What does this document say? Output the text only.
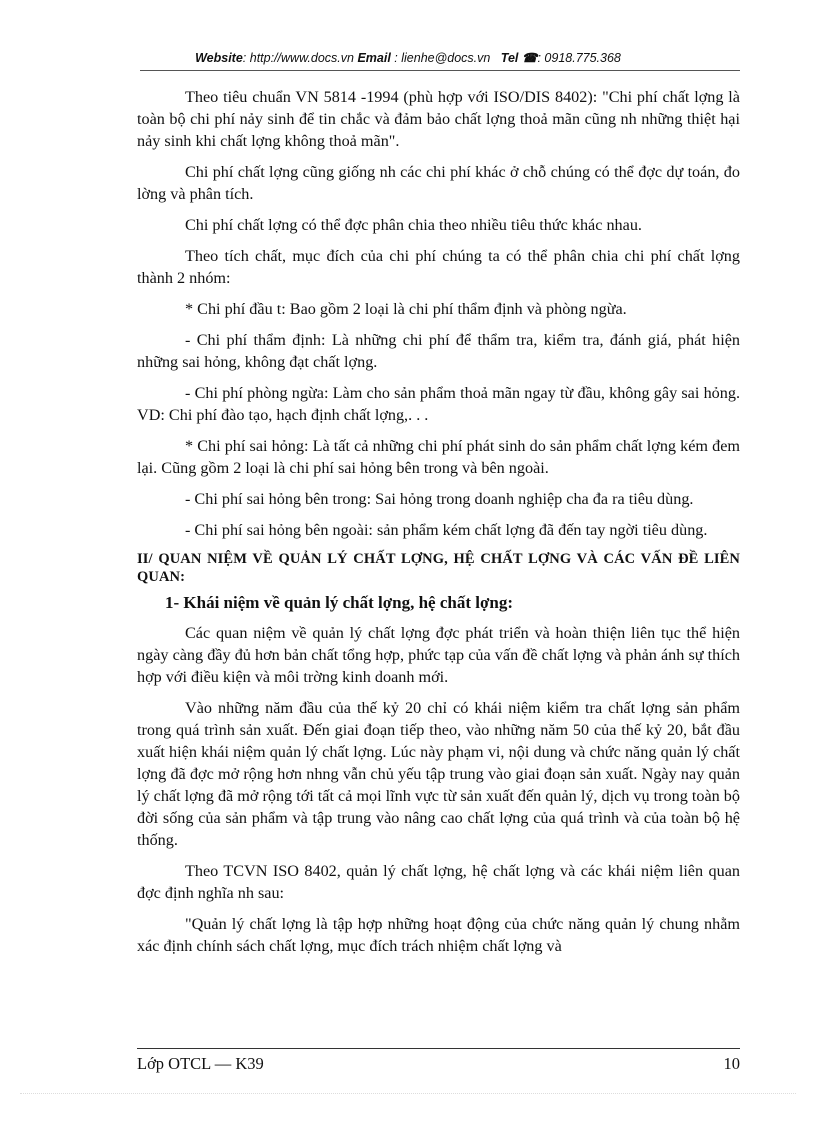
Website: http://www.docs.vn Email : lienhe@docs.vn Tel ☎: 0918.775.368

Theo tiêu chuẩn VN 5814 -1994 (phù hợp với ISO/DIS 8402): "Chi phí chất lợng là toàn bộ chi phí nảy sinh để tin chắc và đảm bảo chất lợng thoả mãn cũng nh những thiệt hại nảy sinh khi chất lợng không thoả mãn".

Chi phí chất lợng cũng giống nh các chi phí khác ở chỗ chúng có thể đợc dự toán, đo lờng và phân tích.

Chi phí chất lợng có thể đợc phân chia theo nhiều tiêu thức khác nhau.

Theo tích chất, mục đích của chi phí chúng ta có thể phân chia chi phí chất lợng thành 2 nhóm:

* Chi phí đầu t: Bao gồm 2 loại là chi phí thẩm định và phòng ngừa.

- Chi phí thẩm định: Là những chi phí để thẩm tra, kiểm tra, đánh giá, phát hiện những sai hỏng, không đạt chất lợng.

- Chi phí phòng ngừa: Làm cho sản phẩm thoả mãn ngay từ đầu, không gây sai hỏng. VD: Chi phí đào tạo, hạch định chất lợng,. . .

* Chi phí sai hỏng: Là tất cả những chi phí phát sinh do sản phẩm chất lợng kém đem lại. Cũng gồm 2 loại là chi phí sai hỏng bên trong và bên ngoài.

- Chi phí sai hỏng bên trong: Sai hỏng trong doanh nghiệp cha đa ra tiêu dùng.

- Chi phí sai hỏng bên ngoài: sản phẩm kém chất lợng đã đến tay ngời tiêu dùng.

II/ QUAN NIỆM VỀ QUẢN LÝ CHẤT LỢNG, HỆ CHẤT LỢNG VÀ CÁC VẤN ĐỀ LIÊN QUAN:

1- Khái niệm về quản lý chất lợng, hệ chất lợng:

Các quan niệm về quản lý chất lợng đợc phát triển và hoàn thiện liên tục thể hiện ngày càng đầy đủ hơn bản chất tổng hợp, phức tạp của vấn đề chất lợng và phản ánh sự thích hợp với điều kiện và môi trờng kinh doanh mới.

Vào những năm đầu của thế kỷ 20 chỉ có khái niệm kiểm tra chất lợng sản phẩm trong quá trình sản xuất. Đến giai đoạn tiếp theo, vào những năm 50 của thế kỷ 20, bắt đầu xuất hiện khái niệm quản lý chất lợng. Lúc này phạm vi, nội dung và chức năng quản lý chất lợng đã đợc mở rộng hơn nhng vẫn chủ yếu tập trung vào giai đoạn sản xuất. Ngày nay quản lý chất lợng đã mở rộng tới tất cả mọi lĩnh vực từ sản xuất đến quản lý, dịch vụ trong toàn bộ đời sống của sản phẩm và tập trung vào nâng cao chất lợng của quá trình và của toàn bộ hệ thống.

Theo TCVN ISO 8402, quản lý chất lợng, hệ chất lợng và các khái niệm liên quan đợc định nghĩa nh sau:

"Quản lý chất lợng là tập hợp những hoạt động của chức năng quản lý chung nhằm xác định chính sách chất lợng, mục đích trách nhiệm chất lợng và

Lớp OTCL — K39	10
